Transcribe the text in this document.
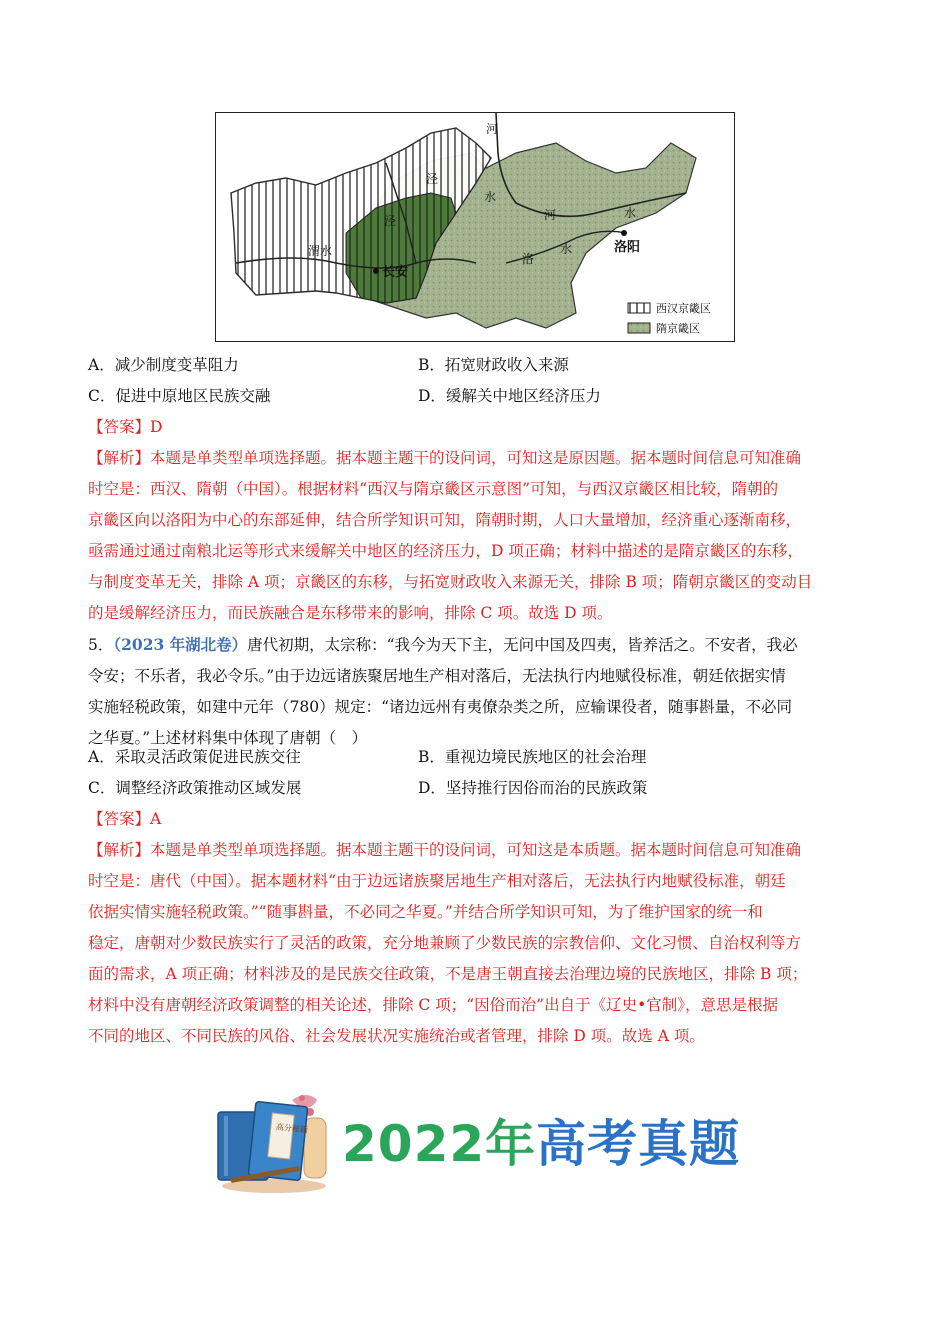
河
泾
泾
渭水
水
河	水
洛
水
长安
洛阳
西汉京畿区
隋京畿区
A．减少制度变革阻力	B．拓宽财政收入来源
C．促进中原地区民族交融	D．缓解关中地区经济压力
【答案】D

【解析】本题是单类型单项选择题。据本题主题干的设问词，可知这是原因题。据本题时间信息可知准确

时空是：西汉、隋朝（中国）。根据材料“西汉与隋京畿区示意图”可知，与西汉京畿区相比较，隋朝的

京畿区向以洛阳为中心的东部延伸，结合所学知识可知，隋朝时期，人口大量增加，经济重心逐渐南移，

亟需通过通过南粮北运等形式来缓解关中地区的经济压力，D 项正确；材料中描述的是隋京畿区的东移，

与制度变革无关，排除 A 项；京畿区的东移，与拓宽财政收入来源无关，排除 B 项；隋朝京畿区的变动目

的是缓解经济压力，而民族融合是东移带来的影响，排除 C 项。故选 D 项。

5．（2023 年湖北卷）唐代初期，太宗称：“我今为天下主，无问中国及四夷，皆养活之。不安者，我必

令安；不乐者，我必令乐。”由于边远诸族聚居地生产相对落后，无法执行内地赋役标准，朝廷依据实情

实施轻税政策，如建中元年（780）规定：“诸边远州有夷僚杂类之所，应输课役者，随事斟量，不必同

之华夏。”上述材料集中体现了唐朝（　）

A．采取灵活政策促进民族交往	B．重视边境民族地区的社会治理
C．调整经济政策推动区域发展	D．坚持推行因俗而治的民族政策
【答案】A

【解析】本题是单类型单项选择题。据本题主题干的设问词，可知这是本质题。据本题时间信息可知准确

时空是：唐代（中国）。据本题材料“由于边远诸族聚居地生产相对落后，无法执行内地赋役标准，朝廷

依据实情实施轻税政策。”“随事斟量，不必同之华夏。”并结合所学知识可知，为了维护国家的统一和

稳定，唐朝对少数民族实行了灵活的政策，充分地兼顾了少数民族的宗教信仰、文化习惯、自治权利等方

面的需求，A 项正确；材料涉及的是民族交往政策，不是唐王朝直接去治理边境的民族地区，排除 B 项；

材料中没有唐朝经济政策调整的相关论述，排除 C 项；“因俗而治”出自于《辽史•官制》，意思是根据

不同的地区、不同民族的风俗、社会发展状况实施统治或者管理，排除 D 项。故选 A 项。

高分秘籍 2022年高考真题
